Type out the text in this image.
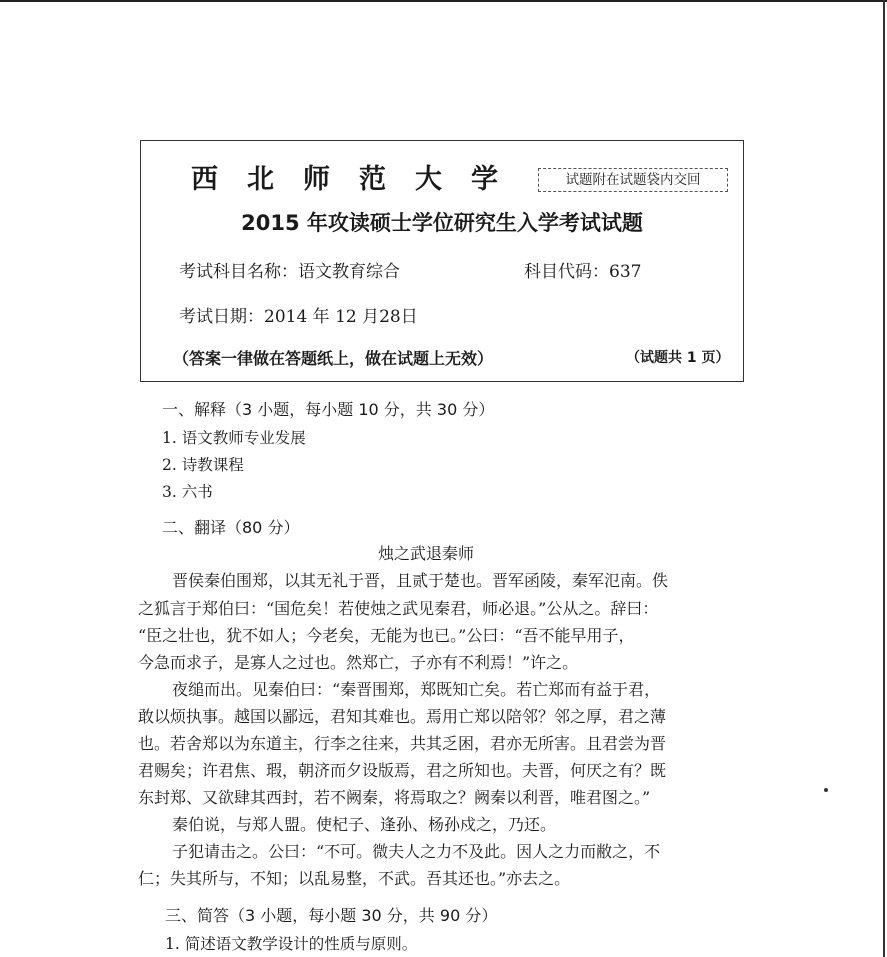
西北师范大学	试题附在试题袋内交回
2015 年攻读硕士学位研究生入学考试试题
考试科目名称：语文教育综合	科目代码：637
考试日期：2014 年 12 月28日
（答案一律做在答题纸上，做在试题上无效）	（试题共 1 页）
一、解释（3 小题，每小题 10 分，共 30 分）
1. 语文教师专业发展
2. 诗教课程
3. 六书
二、翻译（80 分）
烛之武退秦师
晋侯秦伯围郑，以其无礼于晋，且贰于楚也。晋军函陵，秦军氾南。佚
之狐言于郑伯曰：“国危矣！若使烛之武见秦君，师必退。”公从之。辞曰：
“臣之壮也，犹不如人；今老矣，无能为也已。”公曰：“吾不能早用子，
今急而求子，是寡人之过也。然郑亡，子亦有不利焉！”许之。
夜缒而出。见秦伯曰：“秦晋围郑，郑既知亡矣。若亡郑而有益于君，
敢以烦执事。越国以鄙远，君知其难也。焉用亡郑以陪邻？邻之厚，君之薄
也。若舍郑以为东道主，行李之往来，共其乏困，君亦无所害。且君尝为晋
君赐矣；许君焦、瑕，朝济而夕设版焉，君之所知也。夫晋，何厌之有？既
东封郑、又欲肆其西封，若不阙秦，将焉取之？阙秦以利晋，唯君图之。”
秦伯说，与郑人盟。使杞子、逢孙、杨孙戍之，乃还。
子犯请击之。公曰：“不可。微夫人之力不及此。因人之力而敝之，不
仁；失其所与，不知；以乱易整，不武。吾其还也。”亦去之。
三、简答（3 小题，每小题 30 分，共 90 分）
1. 简述语文教学设计的性质与原则。
